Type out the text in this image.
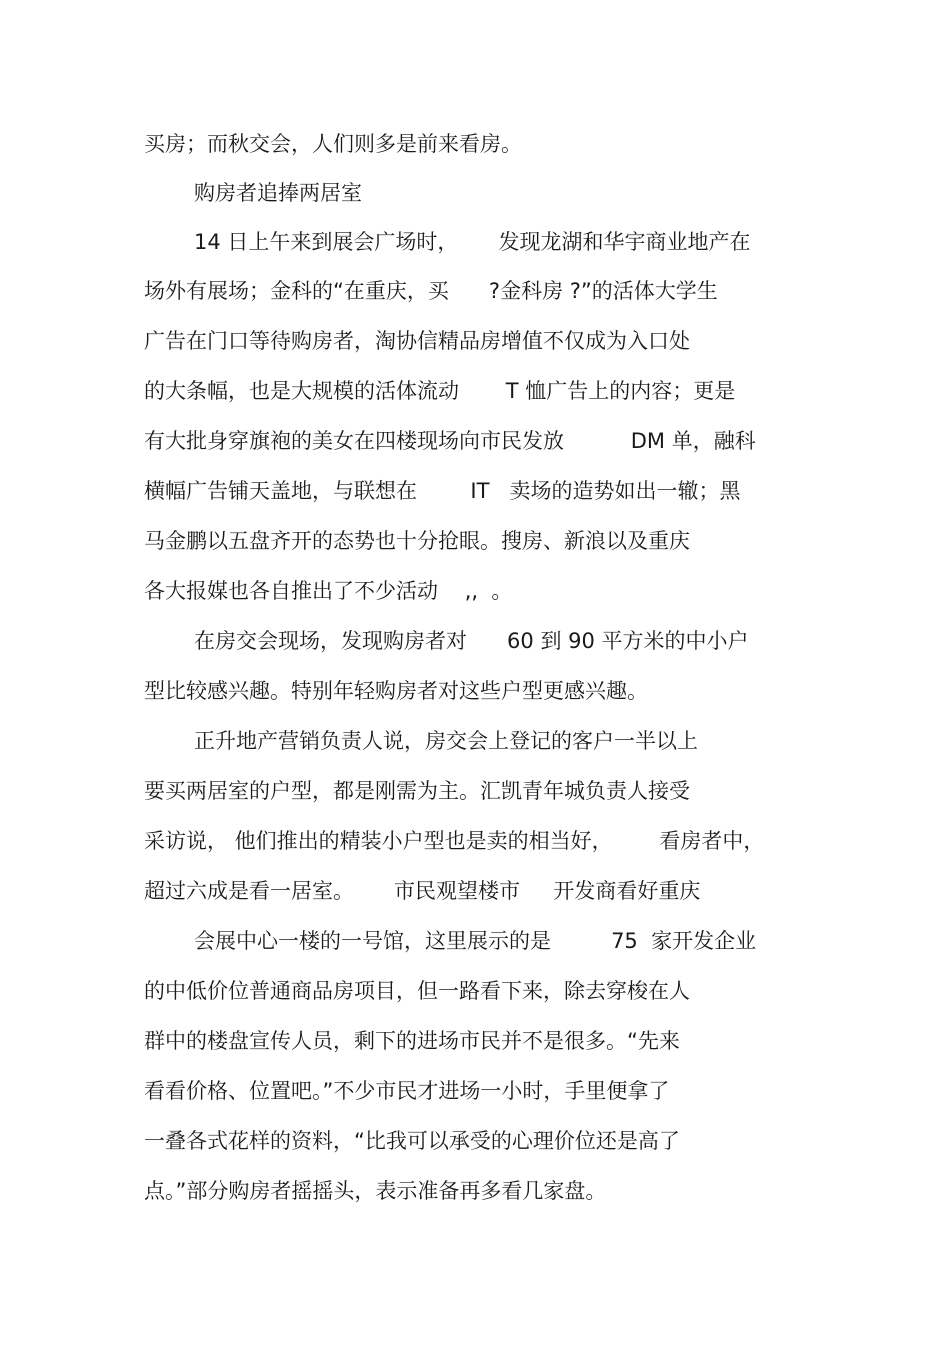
买房；而秋交会，人们则多是前来看房。
购房者追捧两居室
14 日上午来到展会广场时，      发现龙湖和华宇商业地产在
场外有展场；金科的“在重庆，买      ?金科房 ?”的活体大学生
广告在门口等待购房者，淘协信精品房增值不仅成为入口处
的大条幅，也是大规模的活体流动       T 恤广告上的内容；更是
有大批身穿旗袍的美女在四楼现场向市民发放          DM 单，融科
横幅广告铺天盖地，与联想在        IT   卖场的造势如出一辙；黑
马金鹏以五盘齐开的态势也十分抢眼。搜房、新浪以及重庆
各大报媒也各自推出了不少活动    ,,  。
在房交会现场，发现购房者对      60 到 90 平方米的中小户
型比较感兴趣。特别年轻购房者对这些户型更感兴趣。
正升地产营销负责人说，房交会上登记的客户一半以上
要买两居室的户型，都是刚需为主。汇凯青年城负责人接受
采访说， 他们推出的精装小户型也是卖的相当好，       看房者中，
超过六成是看一居室。      市民观望楼市     开发商看好重庆
会展中心一楼的一号馆，这里展示的是         75  家开发企业
的中低价位普通商品房项目，但一路看下来，除去穿梭在人
群中的楼盘宣传人员，剩下的进场市民并不是很多。“先来
看看价格、位置吧。”不少市民才进场一小时，手里便拿了
一叠各式花样的资料，“比我可以承受的心理价位还是高了
点。”部分购房者摇摇头，表示准备再多看几家盘。
